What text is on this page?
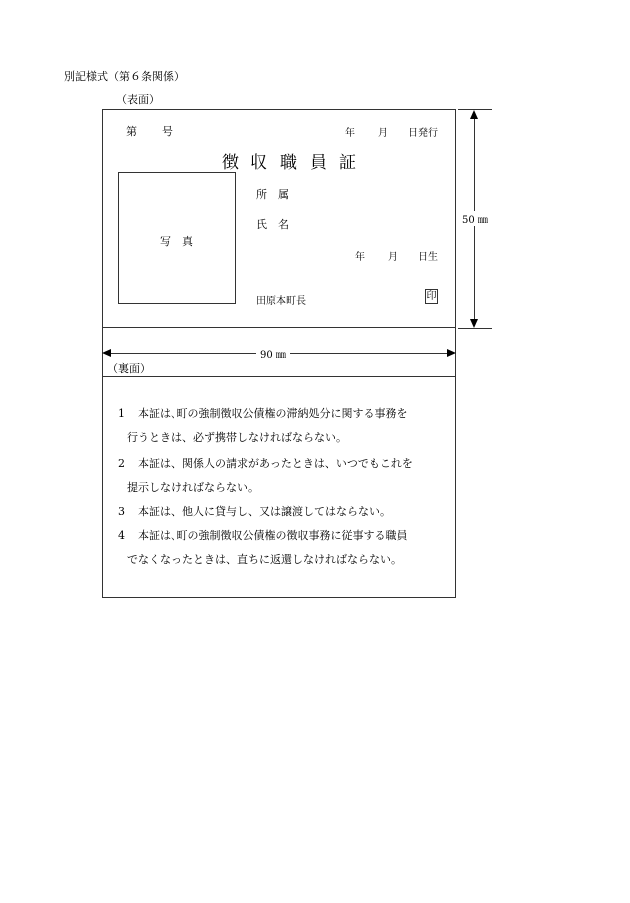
別記様式（第６条関係）
（表面）
第 号	年 月 日発行
徴 収 職 員 証
写　真
所　属
氏　名
年 月 日生
田原本町長	印
50 ㎜
90 ㎜
（裏面）
1 本証は､町の強制徴収公債権の滞納処分に関する事務を
行うときは、必ず携帯しなければならない。
2 本証は、関係人の請求があったときは、いつでもこれを
提示しなければならない。
3 本証は、他人に貸与し、又は譲渡してはならない。
4 本証は､町の強制徴収公債権の徴収事務に従事する職員
でなくなったときは、直ちに返還しなければならない。
